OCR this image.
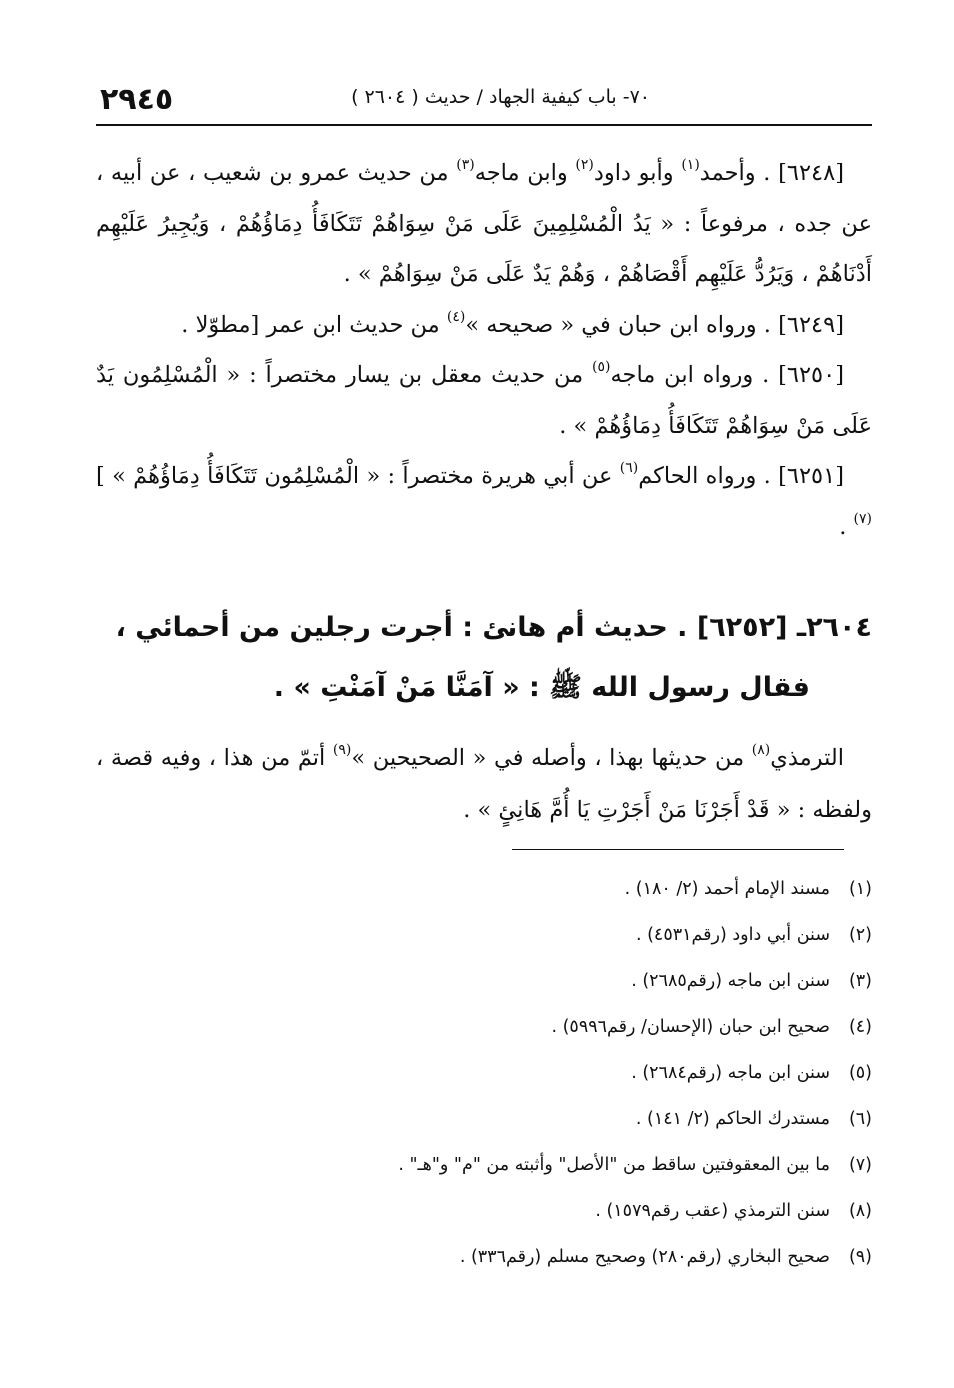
٢٩٤٥	٧٠- باب كيفية الجهاد / حديث ( ٢٦٠٤ )

[٦٢٤٨] . وأحمد$^{(١)}$ وأبو داود$^{(٢)}$ وابن ماجه$^{(٣)}$ من حديث عمرو بن شعيب ، عن أبيه ، عن جده ، مرفوعاً : « يَدُ الْمُسْلِمِينَ عَلَى مَنْ سِوَاهُمْ تَتَكَافَأُ دِمَاؤُهُمْ ، وَيُجِيرُ عَلَيْهِم أَدْنَاهُمْ ، وَيَرُدُّ عَلَيْهِم أَقْصَاهُمْ ، وَهُمْ يَدٌ عَلَى مَنْ سِوَاهُمْ » .

[٦٢٤٩] . ورواه ابن حبان في « صحيحه »$^{(٤)}$ من حديث ابن عمر [مطوّلا .

[٦٢٥٠] . ورواه ابن ماجه$^{(٥)}$ من حديث معقل بن يسار مختصراً : « الْمُسْلِمُون يَدٌ عَلَى مَنْ سِوَاهُمْ تَتَكَافَأُ دِمَاؤُهُمْ » .

[٦٢٥١] . ورواه الحاكم$^{(٦)}$ عن أبي هريرة مختصراً : « الْمُسْلِمُون تَتَكَافَأُ دِمَاؤُهُمْ » ]$^{(٧)}$ .

٢٦٠٤ـ [٦٢٥٢] . حديث أم هانئ : أجرت رجلين من أحمائي ،
فقال رسول الله ﷺ : « آمَنَّا مَنْ آمَنْتِ » .

الترمذي$^{(٨)}$ من حديثها بهذا ، وأصله في « الصحيحين »$^{(٩)}$ أتمّ من هذا ، وفيه قصة ، ولفظه : « قَدْ أَجَرْنَا مَنْ أَجَرْتِ يَا أُمَّ هَانِئٍ » .

(١)مسند الإمام أحمد (٢/ ١٨٠) .
(٢)سنن أبي داود (رقم٤٥٣١) .
(٣)سنن ابن ماجه (رقم٢٦٨٥) .
(٤)صحيح ابن حبان (الإحسان/ رقم٥٩٩٦) .
(٥)سنن ابن ماجه (رقم٢٦٨٤) .
(٦)مستدرك الحاكم (٢/ ١٤١) .
(٧)ما بين المعقوفتين ساقط من "الأصل" وأثبته من "م" و"هـ" .
(٨)سنن الترمذي (عقب رقم١٥٧٩) .
(٩)صحيح البخاري (رقم٢٨٠) وصحيح مسلم (رقم٣٣٦) .
